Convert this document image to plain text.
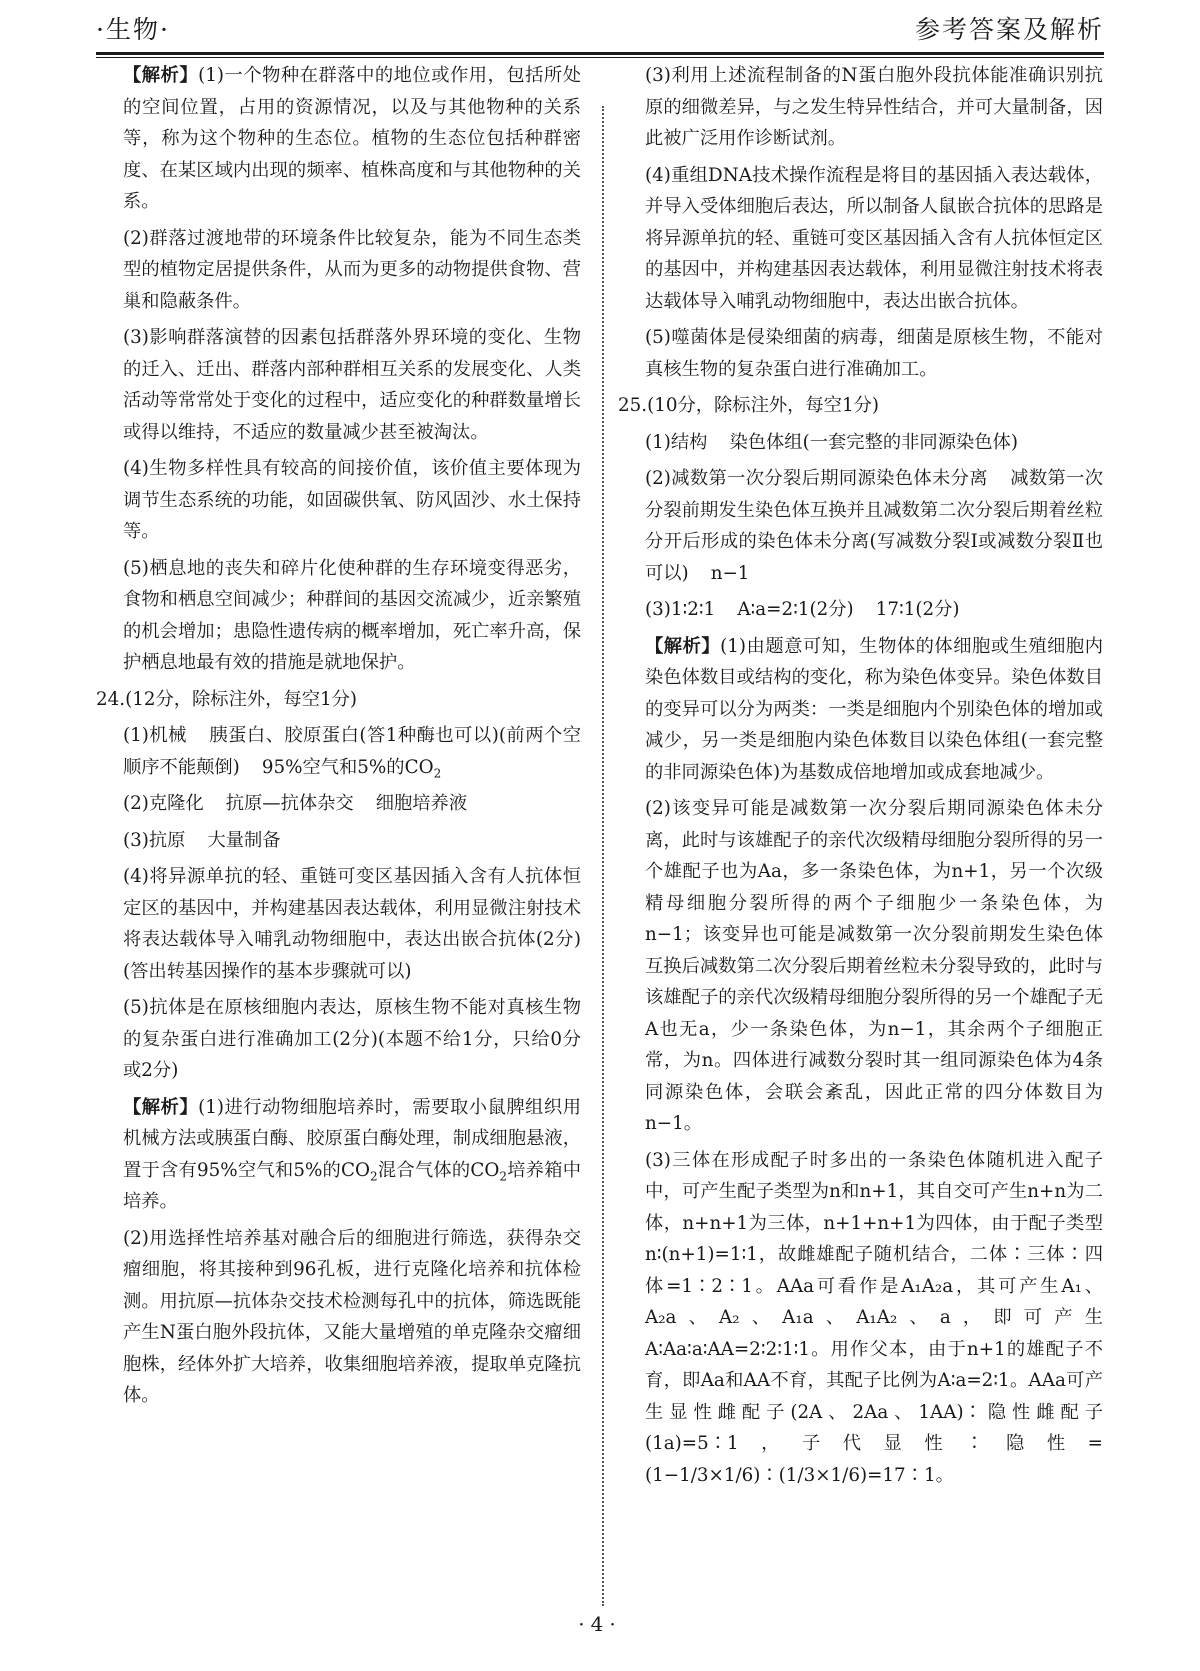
·生物·	参考答案及解析

【解析】(1)一个物种在群落中的地位或作用，包括所处的空间位置，占用的资源情况，以及与其他物种的关系等，称为这个物种的生态位。植物的生态位包括种群密度、在某区域内出现的频率、植株高度和与其他物种的关系。

(2)群落过渡地带的环境条件比较复杂，能为不同生态类型的植物定居提供条件，从而为更多的动物提供食物、营巢和隐蔽条件。

(3)影响群落演替的因素包括群落外界环境的变化、生物的迁入、迁出、群落内部种群相互关系的发展变化、人类活动等常常处于变化的过程中，适应变化的种群数量增长或得以维持，不适应的数量减少甚至被淘汰。

(4)生物多样性具有较高的间接价值，该价值主要体现为调节生态系统的功能，如固碳供氧、防风固沙、水土保持等。

(5)栖息地的丧失和碎片化使种群的生存环境变得恶劣，食物和栖息空间减少；种群间的基因交流减少，近亲繁殖的机会增加；患隐性遗传病的概率增加，死亡率升高，保护栖息地最有效的措施是就地保护。

24.(12分，除标注外，每空1分)

(1)机械 胰蛋白、胶原蛋白(答1种酶也可以)(前两个空顺序不能颠倒) 95%空气和5%的$CO_2$

(2)克隆化 抗原—抗体杂交 细胞培养液

(3)抗原 大量制备

(4)将异源单抗的轻、重链可变区基因插入含有人抗体恒定区的基因中，并构建基因表达载体，利用显微注射技术将表达载体导入哺乳动物细胞中，表达出嵌合抗体(2分)(答出转基因操作的基本步骤就可以)

(5)抗体是在原核细胞内表达，原核生物不能对真核生物的复杂蛋白进行准确加工(2分)(本题不给1分，只给0分或2分)

【解析】(1)进行动物细胞培养时，需要取小鼠脾组织用机械方法或胰蛋白酶、胶原蛋白酶处理，制成细胞悬液，置于含有95%空气和5%的$CO_2$混合气体的$CO_2$培养箱中培养。

(2)用选择性培养基对融合后的细胞进行筛选，获得杂交瘤细胞，将其接种到96孔板，进行克隆化培养和抗体检测。用抗原—抗体杂交技术检测每孔中的抗体，筛选既能产生N蛋白胞外段抗体，又能大量增殖的单克隆杂交瘤细胞株，经体外扩大培养，收集细胞培养液，提取单克隆抗体。

(3)利用上述流程制备的N蛋白胞外段抗体能准确识别抗原的细微差异，与之发生特异性结合，并可大量制备，因此被广泛用作诊断试剂。

(4)重组DNA技术操作流程是将目的基因插入表达载体，并导入受体细胞后表达，所以制备人鼠嵌合抗体的思路是将异源单抗的轻、重链可变区基因插入含有人抗体恒定区的基因中，并构建基因表达载体，利用显微注射技术将表达载体导入哺乳动物细胞中，表达出嵌合抗体。

(5)噬菌体是侵染细菌的病毒，细菌是原核生物，不能对真核生物的复杂蛋白进行准确加工。

25.(10分，除标注外，每空1分)

(1)结构 染色体组(一套完整的非同源染色体)

(2)减数第一次分裂后期同源染色体未分离 减数第一次分裂前期发生染色体互换并且减数第二次分裂后期着丝粒分开后形成的染色体未分离(写减数分裂Ⅰ或减数分裂Ⅱ也可以) n−1

(3)1∶2∶1 A∶a=2∶1(2分) 17∶1(2分)

【解析】(1)由题意可知，生物体的体细胞或生殖细胞内染色体数目或结构的变化，称为染色体变异。染色体数目的变异可以分为两类：一类是细胞内个别染色体的增加或减少，另一类是细胞内染色体数目以染色体组(一套完整的非同源染色体)为基数成倍地增加或成套地减少。

(2)该变异可能是减数第一次分裂后期同源染色体未分离，此时与该雄配子的亲代次级精母细胞分裂所得的另一个雄配子也为Aa，多一条染色体，为n+1，另一个次级精母细胞分裂所得的两个子细胞少一条染色体，为n−1；该变异也可能是减数第一次分裂前期发生染色体互换后减数第二次分裂后期着丝粒未分裂导致的，此时与该雄配子的亲代次级精母细胞分裂所得的另一个雄配子无A也无a，少一条染色体，为n−1，其余两个子细胞正常，为n。四体进行减数分裂时其一组同源染色体为4条同源染色体，会联会紊乱，因此正常的四分体数目为n−1。

(3)三体在形成配子时多出的一条染色体随机进入配子中，可产生配子类型为n和n+1，其自交可产生n+n为二体，n+n+1为三体，n+1+n+1为四体，由于配子类型n∶(n+1)=1∶1，故雌雄配子随机结合，二体∶三体∶四体=1∶2∶1。AAa可看作是A₁A₂a，其可产生A₁、A₂a、A₂、A₁a、A₁A₂、a，即可产生A∶Aa∶a∶AA=2∶2∶1∶1。用作父本，由于n+1的雄配子不育，即Aa和AA不育，其配子比例为A∶a=2∶1。AAa可产生显性雌配子(2A、2Aa、1AA)∶隐性雌配子(1a)=5∶1，子代显性∶隐性=(1−1/3×1/6)∶(1/3×1/6)=17∶1。

·4·
